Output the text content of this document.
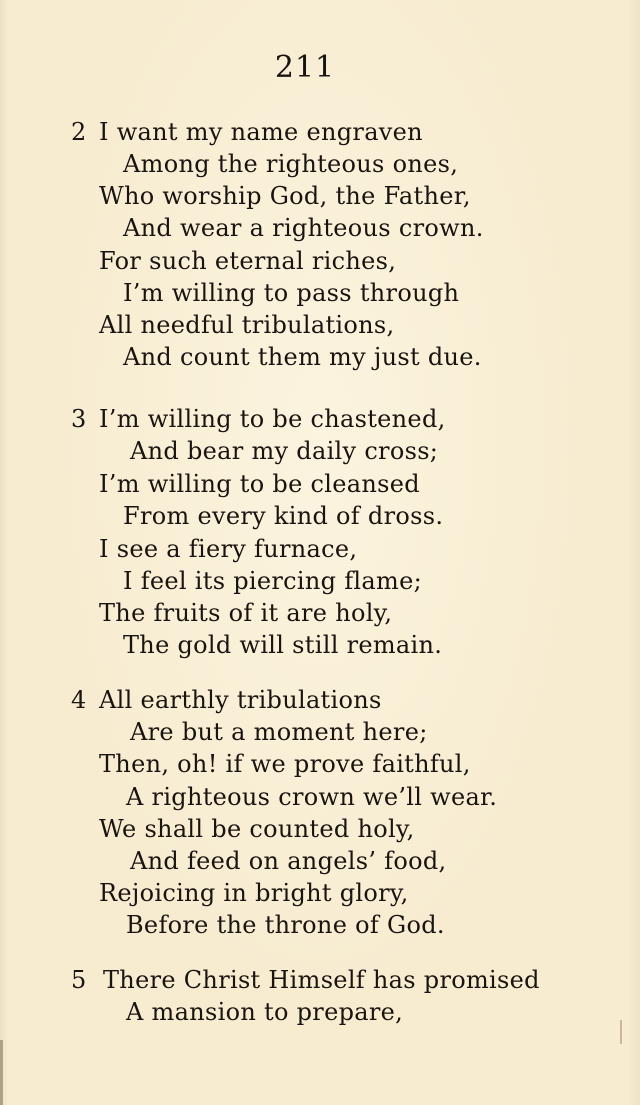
211
2 I want my name engraven
Among the righteous ones,
Who worship God, the Father,
And wear a righteous crown.
For such eternal riches,
I’m willing to pass through
All needful tribulations,
And count them my just due.
3 I’m willing to be chastened,
And bear my daily cross;
I’m willing to be cleansed
From every kind of dross.
I see a fiery furnace,
I feel its piercing flame;
The fruits of it are holy,
The gold will still remain.
4 All earthly tribulations
Are but a moment here;
Then, oh! if we prove faithful,
A righteous crown we’ll wear.
We shall be counted holy,
And feed on angels’ food,
Rejoicing in bright glory,
Before the throne of God.
5 There Christ Himself has promised
A mansion to prepare,
